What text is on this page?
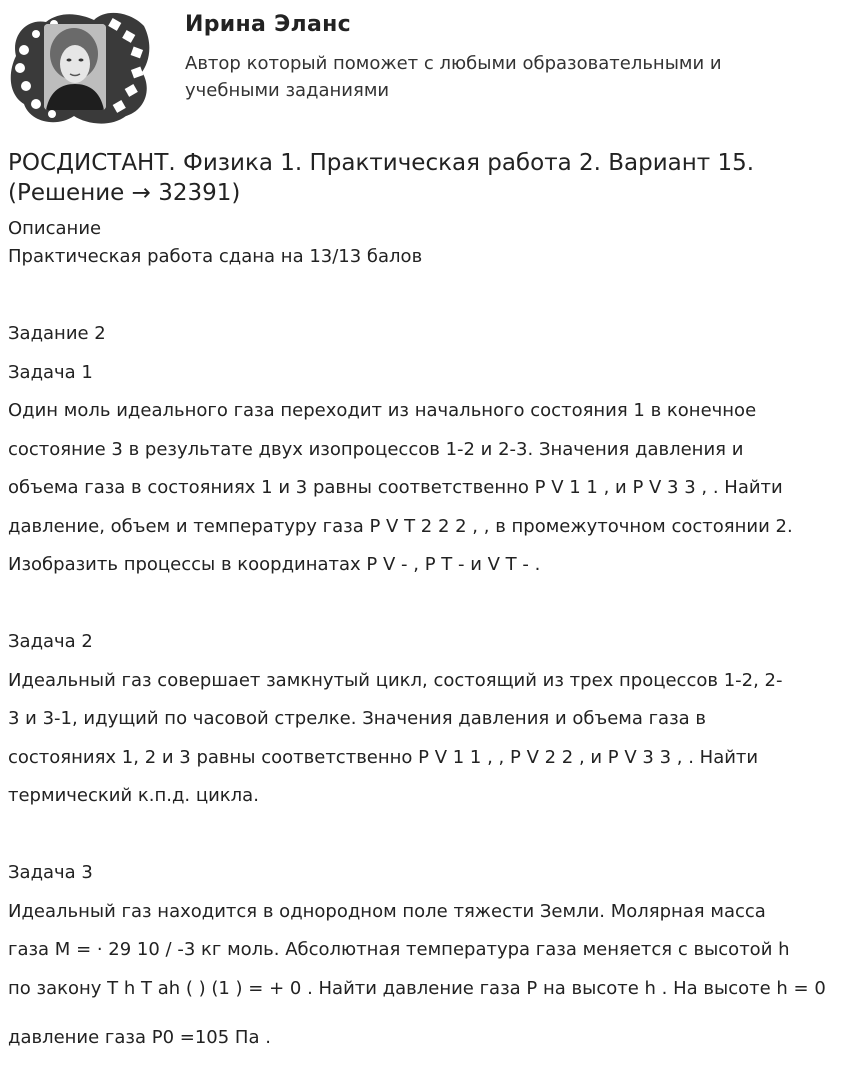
Ирина Эланс
Автор который поможет с любыми образовательными и учебными заданиями
РОСДИСТАНТ. Физика 1. Практическая работа 2. Вариант 15. (Решение → 32391)
Описание
Практическая работа сдана на 13/13 балов
Задание 2
Задача 1
Один моль идеального газа переходит из начального состояния 1 в конечное
состояние 3 в результате двух изопроцессов 1-2 и 2-3. Значения давления и
объема газа в состояниях 1 и 3 равны соответственно P V 1 1 , и P V 3 3 , . Найти
давление, объем и температуру газа P V T 2 2 2 , , в промежуточном состоянии 2.
Изобразить процессы в координатах P V - , P T - и V T - .
Задача 2
Идеальный газ совершает замкнутый цикл, состоящий из трех процессов 1-2, 2-
3 и 3-1, идущий по часовой стрелке. Значения давления и объема газа в
состояниях 1, 2 и 3 равны соответственно P V 1 1 , , P V 2 2 , и P V 3 3 , . Найти
термический к.п.д. цикла.
Задача 3
Идеальный газ находится в однородном поле тяжести Земли. Молярная масса
газа M = · 29 10 / -3 кг моль. Абсолютная температура газа меняется с высотой h
по закону T h T ah ( ) (1 ) = + 0 . Найти давление газа P на высоте h . На высоте h = 0
давление газа P0 =105 Па .
